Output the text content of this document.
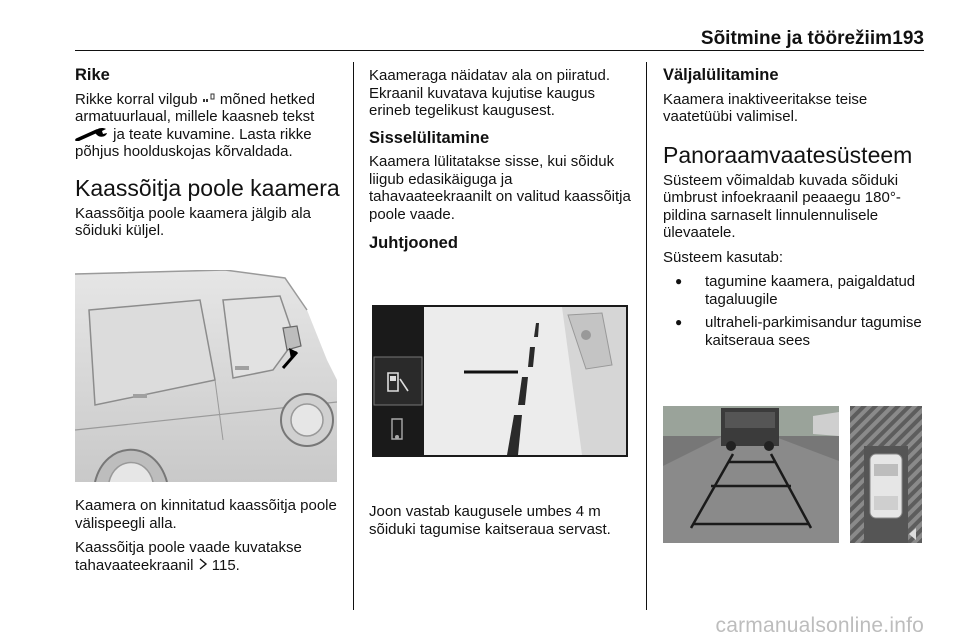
Sõitmine ja töörežiim 193
Rike

Rikke korral vilgub mõned hetked armatuurlaual, millele kaasneb tekst  ja teate kuvamine. Lasta rikke põhjus hoolduskojas kõrvaldada.

Kaassõitja poole kaamera

Kaassõitja poole kaamera jälgib ala sõiduki küljel.

Kaamera on kinnitatud kaassõitja poole välispeegli alla.

Kaassõitja poole vaade kuvatakse tahavaateekraanil 115.

Kaameraga näidatav ala on piiratud. Ekraanil kuvatava kujutise kaugus erineb tegelikust kaugusest.

Sisselülitamine

Kaamera lülitatakse sisse, kui sõiduk liigub edasikäiguga ja tahavaateekraanilt on valitud kaassõitja poole vaade.

Juhtjooned

Joon vastab kaugusele umbes 4 m sõiduki tagumise kaitseraua servast.

Väljalülitamine

Kaamera inaktiveeritakse teise vaatetüübi valimisel.

Panoraamvaatesüsteem

Süsteem võimaldab kuvada sõiduki ümbrust infoekraanil peaaegu 180°-pildina sarnaselt linnulennulisele ülevaatele.

Süsteem kasutab:

● tagumine kaamera, paigaldatud tagaluugile
● ultraheli-parkimisandur tagumise kaitseraua sees
carmanualsonline.info
